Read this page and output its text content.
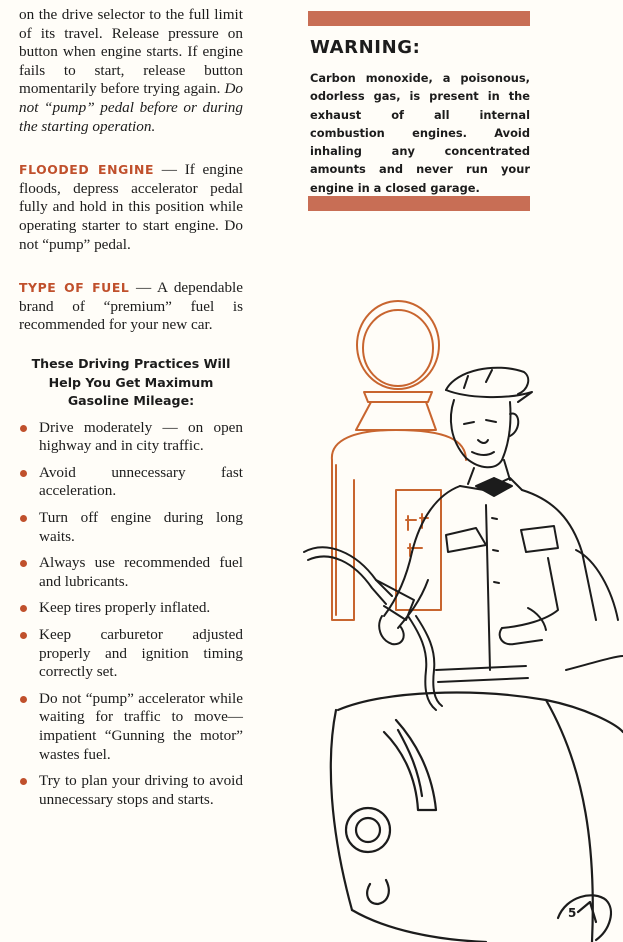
on the drive selector to the full limit of its travel. Release pressure on button when engine starts. If engine fails to start, release button momentarily before trying again. Do not “pump” pedal before or during the starting operation.

FLOODED ENGINE — If engine floods, depress accelerator pedal fully and hold in this position while operating starter to start engine. Do not “pump” pedal.

TYPE OF FUEL — A dependable brand of “premium” fuel is recommended for your new car.

These Driving Practices Will Help You Get Maximum Gasoline Mileage:

Drive moderately — on open highway and in city traffic.
Avoid unnecessary fast acceleration.
Turn off engine during long waits.
Always use recommended fuel and lubricants.
Keep tires properly inflated.
Keep carburetor adjusted properly and ignition timing correctly set.
Do not “pump” accelerator while waiting for traffic to move—impatient “Gunning the motor” wastes fuel.
Try to plan your driving to avoid unnecessary stops and starts.
WARNING:

Carbon monoxide, a poisonous, odorless gas, is present in the exhaust of all internal combustion engines. Avoid inhaling any concentrated amounts and never run your engine in a closed garage.

5
